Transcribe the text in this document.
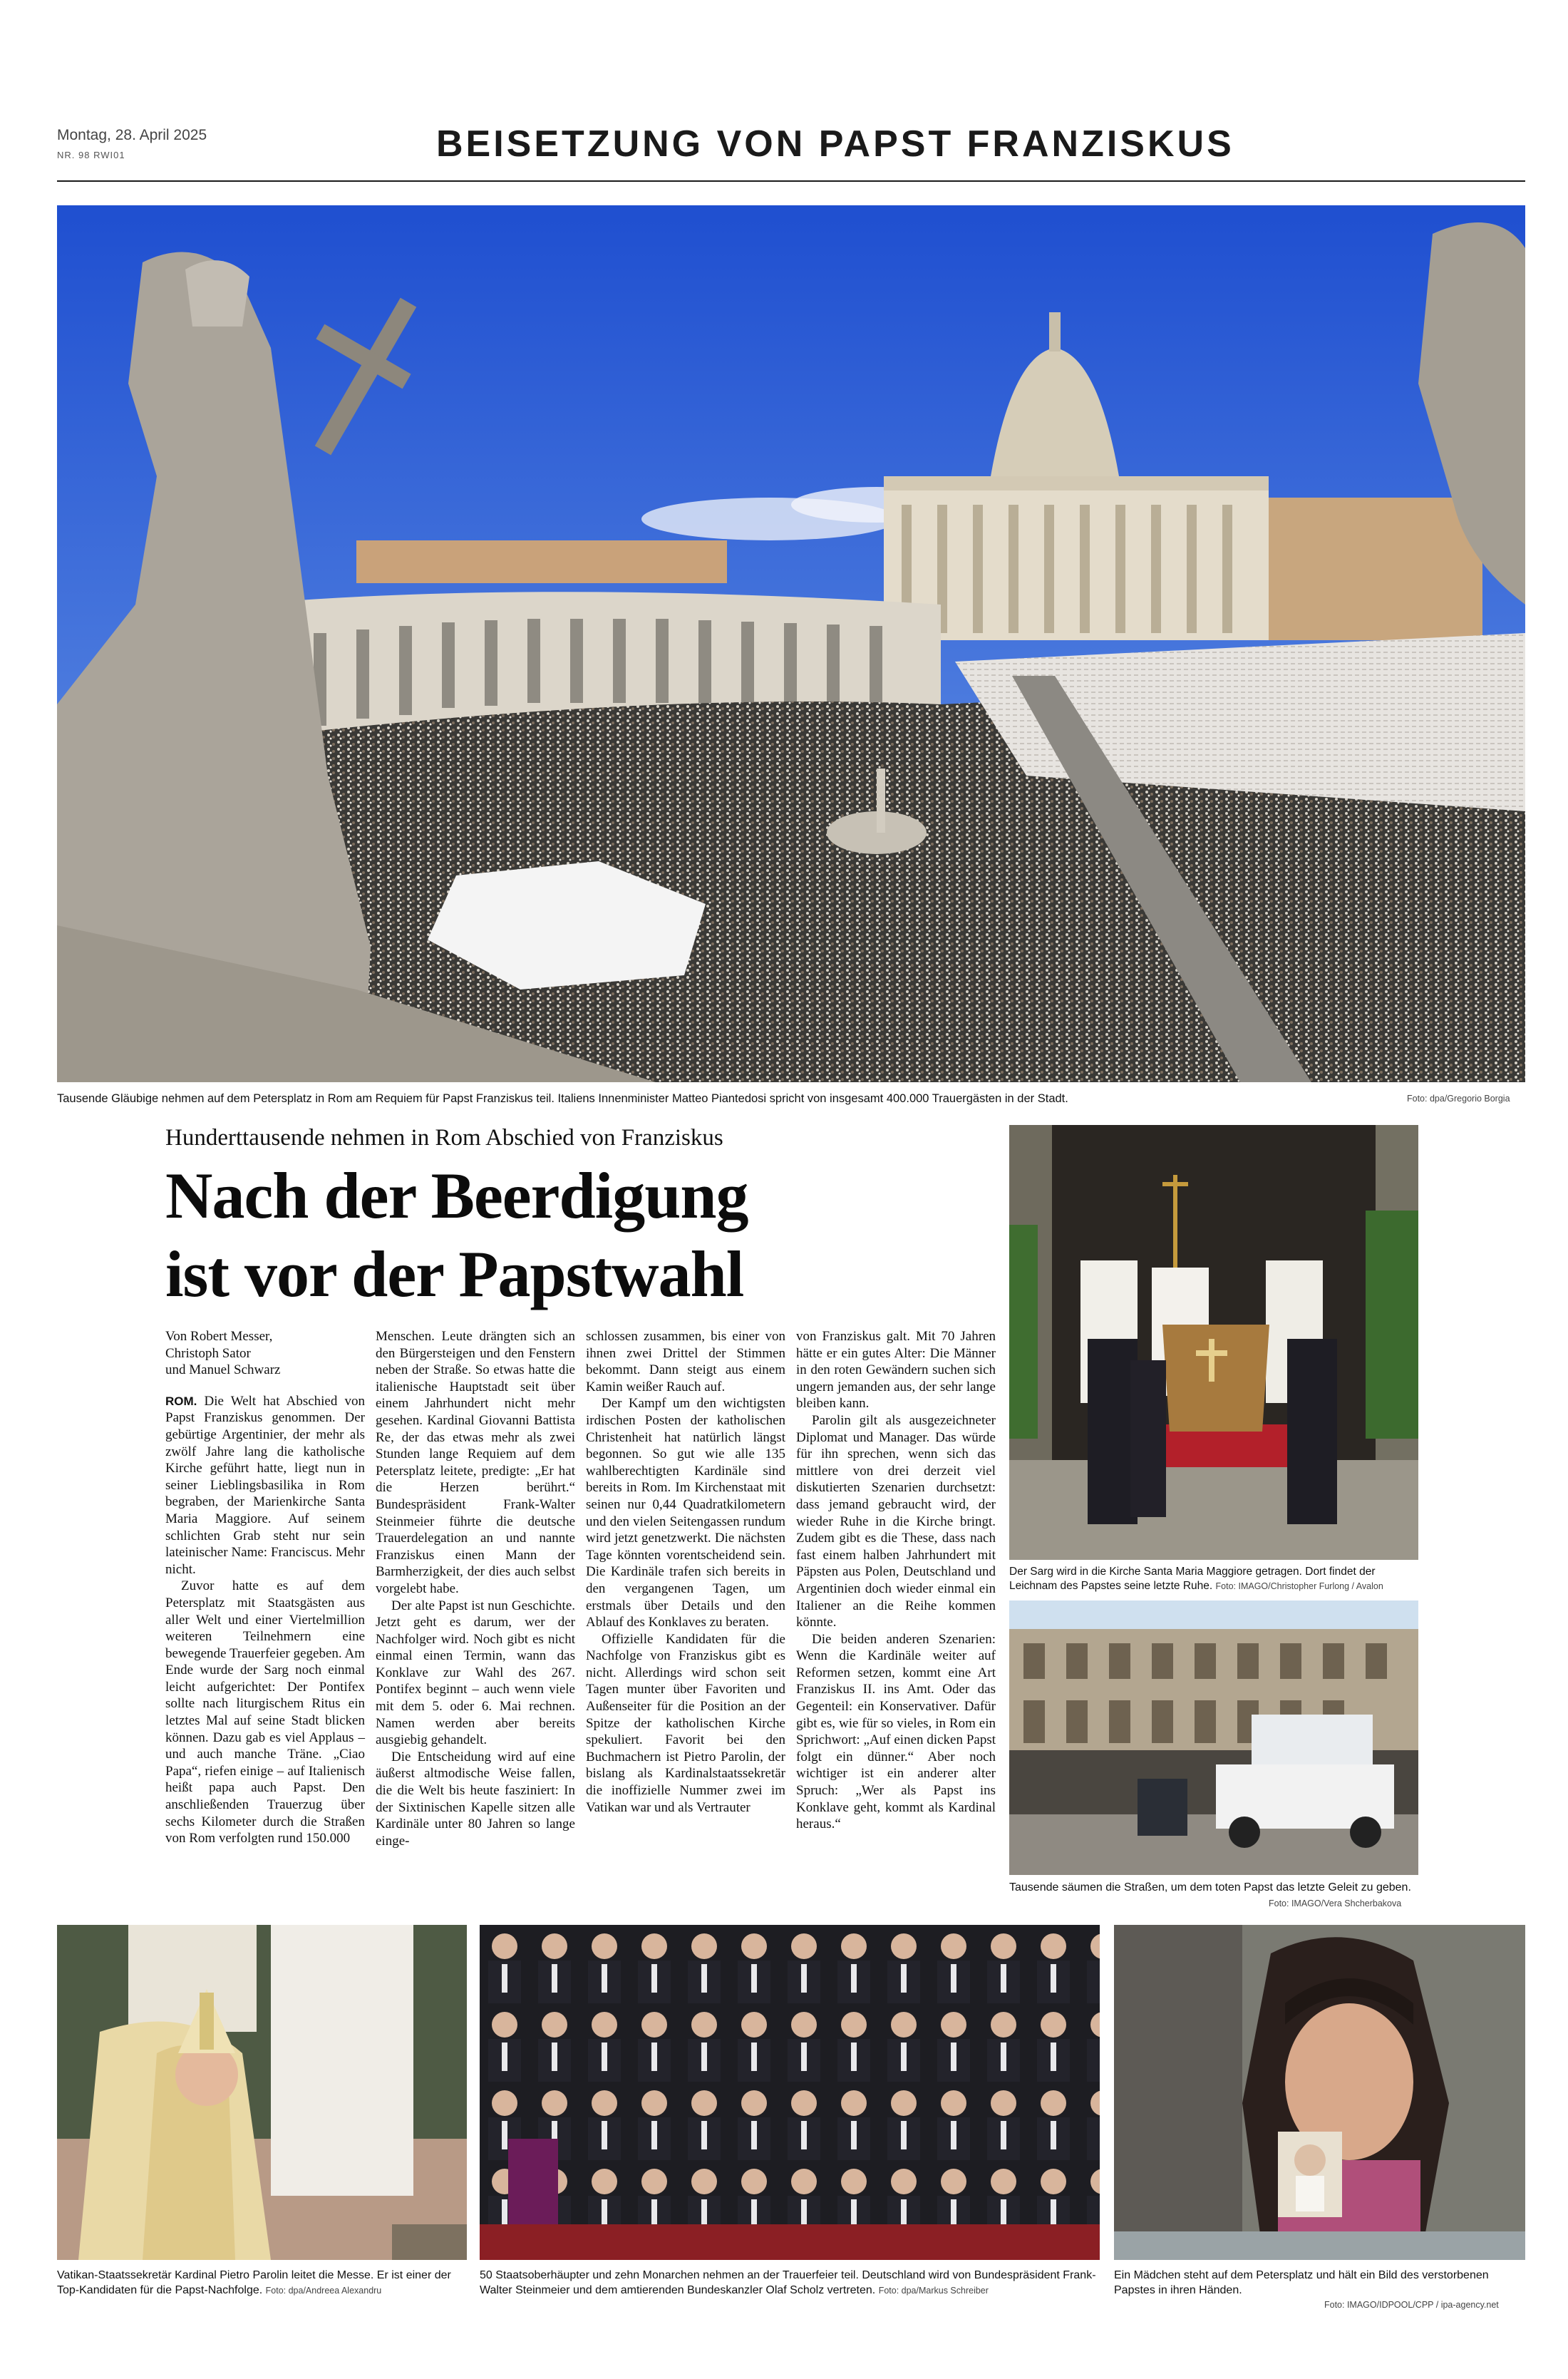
Montag, 28. April 2025
NR. 98 RWI01	BEISETZUNG VON PAPST FRANZISKUS
Tausende Gläubige nehmen auf dem Petersplatz in Rom am Requiem für Papst Franziskus teil. Italiens Innenminister Matteo Piantedosi spricht von insgesamt 400.000 Trauergästen in der Stadt.	Foto: dpa/Gregorio Borgia
Hunderttausende nehmen in Rom Abschied von Franziskus
Nach der Beerdigung
ist vor der Papstwahl
Von Robert Messer,
Christoph Sator
und Manuel Schwarz

ROM. Die Welt hat Abschied von Papst Franziskus genommen. Der gebürtige Argentinier, der mehr als zwölf Jahre lang die katholische Kirche geführt hatte, liegt nun in seiner Lieblingsbasilika in Rom begraben, der Marienkirche Santa Maria Maggiore. Auf seinem schlichten Grab steht nur sein lateinischer Name: Franciscus. Mehr nicht.

Zuvor hatte es auf dem Petersplatz mit Staatsgästen aus aller Welt und einer Viertelmillion weiteren Teilnehmern eine bewegende Trauerfeier gegeben. Am Ende wurde der Sarg noch einmal leicht aufgerichtet: Der Pontifex sollte nach liturgischem Ritus ein letztes Mal auf seine Stadt blicken können. Dazu gab es viel Applaus – und auch manche Träne. „Ciao Papa“, riefen einige – auf Italienisch heißt papa auch Papst. Den anschließenden Trauerzug über sechs Kilometer durch die Straßen von Rom verfolgten rund 150.000

Menschen. Leute drängten sich an den Bürgersteigen und den Fenstern neben der Straße. So etwas hatte die italienische Hauptstadt seit über einem Jahrhundert nicht mehr gesehen. Kardinal Giovanni Battista Re, der das etwas mehr als zwei Stunden lange Requiem auf dem Petersplatz leitete, predigte: „Er hat die Herzen berührt.“ Bundespräsident Frank-Walter Steinmeier führte die deutsche Trauerdelegation an und nannte Franziskus einen Mann der Barmherzigkeit, der dies auch selbst vorgelebt habe.

Der alte Papst ist nun Geschichte. Jetzt geht es darum, wer der Nachfolger wird. Noch gibt es nicht einmal einen Termin, wann das Konklave zur Wahl des 267. Pontifex beginnt – auch wenn viele mit dem 5. oder 6. Mai rechnen. Namen werden aber bereits ausgiebig gehandelt.

Die Entscheidung wird auf eine äußerst altmodische Weise fallen, die die Welt bis heute fasziniert: In der Sixtinischen Kapelle sitzen alle Kardinäle unter 80 Jahren so lange einge-

schlossen zusammen, bis einer von ihnen zwei Drittel der Stimmen bekommt. Dann steigt aus einem Kamin weißer Rauch auf.

Der Kampf um den wichtigsten irdischen Posten der katholischen Christenheit hat natürlich längst begonnen. So gut wie alle 135 wahlberechtigten Kardinäle sind bereits in Rom. Im Kirchenstaat mit seinen nur 0,44 Quadratkilometern und den vielen Seitengassen rundum wird jetzt genetzwerkt. Die nächsten Tage könnten vorentscheidend sein. Die Kardinäle trafen sich bereits in den vergangenen Tagen, um erstmals über Details und den Ablauf des Konklaves zu beraten.

Offizielle Kandidaten für die Nachfolge von Franziskus gibt es nicht. Allerdings wird schon seit Tagen munter über Favoriten und Außenseiter für die Position an der Spitze der katholischen Kirche spekuliert. Favorit bei den Buchmachern ist Pietro Parolin, der bislang als Kardinalstaatssekretär die inoffizielle Nummer zwei im Vatikan war und als Vertrauter

von Franziskus galt. Mit 70 Jahren hätte er ein gutes Alter: Die Männer in den roten Gewändern suchen sich ungern jemanden aus, der sehr lange bleiben kann.

Parolin gilt als ausgezeichneter Diplomat und Manager. Das würde für ihn sprechen, wenn sich das mittlere von drei derzeit viel diskutierten Szenarien durchsetzt: dass jemand gebraucht wird, der wieder Ruhe in die Kirche bringt. Zudem gibt es die These, dass nach fast einem halben Jahrhundert mit Päpsten aus Polen, Deutschland und Argentinien doch wieder einmal ein Italiener an die Reihe kommen könnte.

Die beiden anderen Szenarien: Wenn die Kardinäle weiter auf Reformen setzen, kommt eine Art Franziskus II. ins Amt. Oder das Gegenteil: ein Konservativer. Dafür gibt es, wie für so vieles, in Rom ein Sprichwort: „Auf einen dicken Papst folgt ein dünner.“ Aber noch wichtiger ist ein anderer alter Spruch: „Wer als Papst ins Konklave geht, kommt als Kardinal heraus.“

Der Sarg wird in die Kirche Santa Maria Maggiore getragen. Dort findet der Leichnam des Papstes seine letzte Ruhe. Foto: IMAGO/Christopher Furlong / Avalon
Tausende säumen die Straßen, um dem toten Papst das letzte Geleit zu geben.
Foto: IMAGO/Vera Shcherbakova
Vatikan-Staatssekretär Kardinal Pietro Parolin leitet die Messe. Er ist einer der Top-Kandidaten für die Papst-Nachfolge. Foto: dpa/Andreea Alexandru
50 Staatsoberhäupter und zehn Monarchen nehmen an der Trauerfeier teil. Deutschland wird von Bundespräsident Frank-Walter Steinmeier und dem amtierenden Bundeskanzler Olaf Scholz vertreten. Foto: dpa/Markus Schreiber
Ein Mädchen steht auf dem Petersplatz und hält ein Bild des verstorbenen Papstes in ihren Händen.
Foto: IMAGO/IDPOOL/CPP / ipa-agency.net
